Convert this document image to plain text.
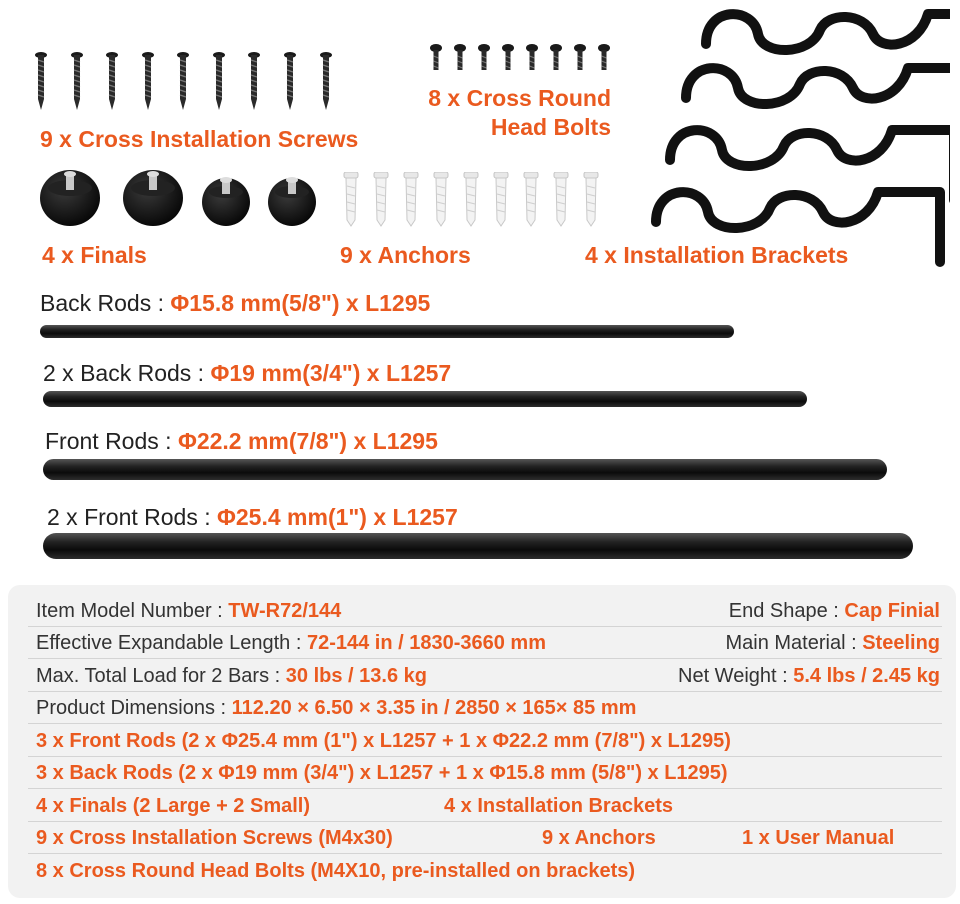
9 x Cross Installation Screws
8 x Cross Round
Head Bolts
4 x Finals	9 x Anchors	4 x Installation Brackets
Back Rods : Φ15.8 mm(5/8") x L1295
2 x Back Rods : Φ19 mm(3/4") x L1257
Front Rods : Φ22.2 mm(7/8") x L1295
2 x Front Rods : Φ25.4 mm(1") x L1257
Item Model Number : TW-R72/144	End Shape : Cap Finial
Effective Expandable Length : 72-144 in / 1830-3660 mm	Main Material : Steeling
Max. Total Load for 2 Bars : 30 lbs / 13.6 kg	Net Weight : 5.4 lbs / 2.45 kg
Product Dimensions : 112.20 × 6.50 × 3.35 in / 2850 × 165× 85 mm
3 x Front Rods (2 x Φ25.4 mm (1") x L1257 + 1 x Φ22.2 mm (7/8") x L1295)
3 x Back Rods (2 x Φ19 mm (3/4") x L1257 + 1 x Φ15.8 mm (5/8") x L1295)
4 x Finals (2 Large + 2 Small)	4 x Installation Brackets
9 x Cross Installation Screws (M4x30)	9 x Anchors	1 x User Manual
8 x Cross Round Head Bolts (M4X10, pre-installed on brackets)
